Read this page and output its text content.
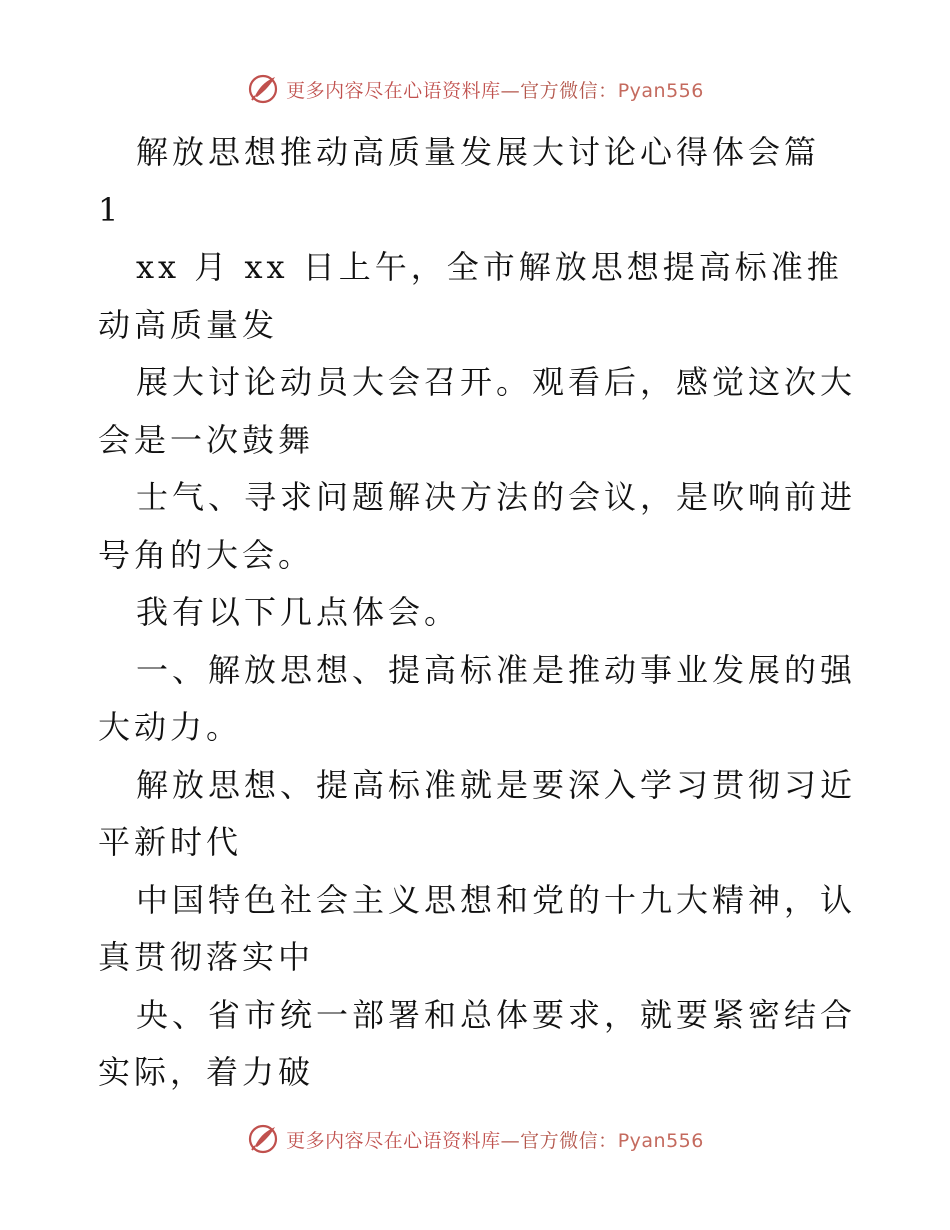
更多内容尽在心语资料库—官方微信：Pyan556

解放思想推动高质量发展大讨论心得体会篇 1

xx 月 xx 日上午，全市解放思想提高标准推动高质量发

展大讨论动员大会召开。观看后，感觉这次大会是一次鼓舞

士气、寻求问题解决方法的会议，是吹响前进号角的大会。

我有以下几点体会。

一、解放思想、提高标准是推动事业发展的强大动力。

解放思想、提高标准就是要深入学习贯彻习近平新时代

中国特色社会主义思想和党的十九大精神，认真贯彻落实中

央、省市统一部署和总体要求，就要紧密结合实际，着力破

更多内容尽在心语资料库—官方微信：Pyan556
